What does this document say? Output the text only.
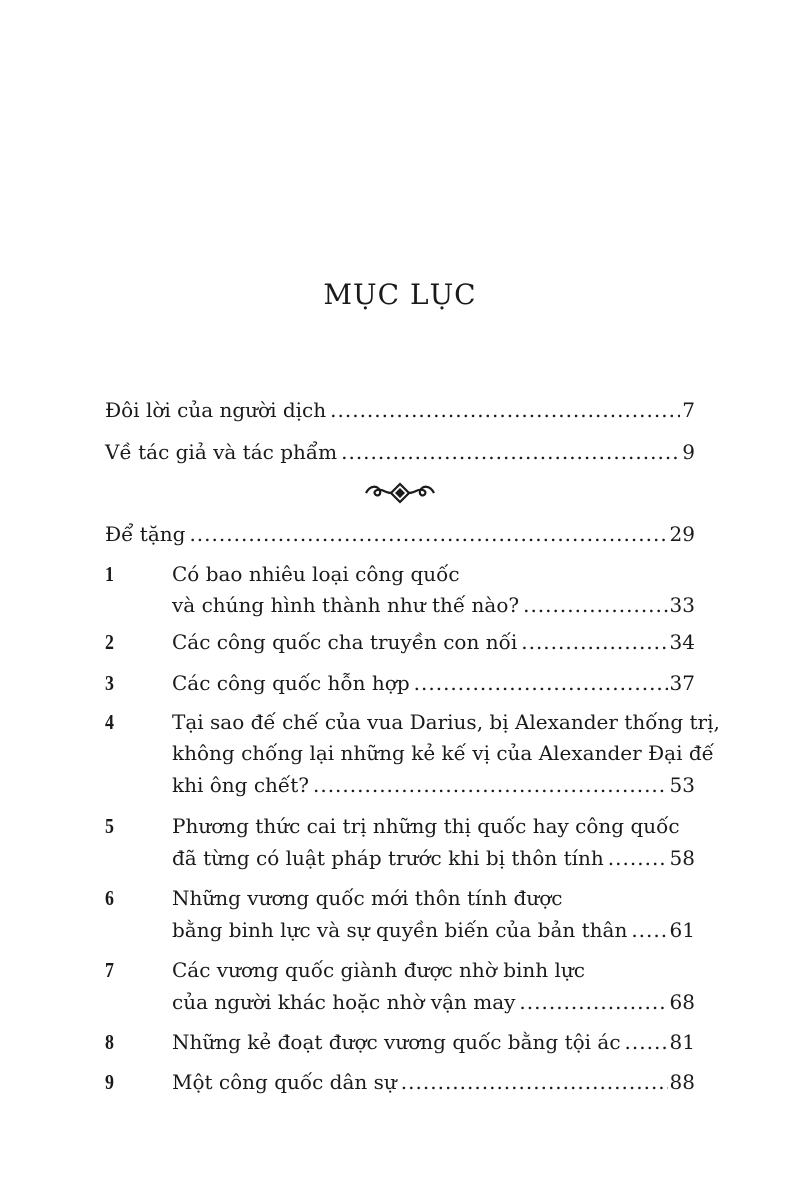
MỤC LỤC
Đôi lời của người dịch .....	7
Về tác giả và tác phẩm .....	9
Để tặng .....	29
1	Có bao nhiêu loại công quốc
và chúng hình thành như thế nào? .....	33
2	Các công quốc cha truyền con nối .....	34
3	Các công quốc hỗn hợp .....	37
4	Tại sao đế chế của vua Darius, bị Alexander thống trị,
không chống lại những kẻ kế vị của Alexander Đại đế
khi ông chết? .....	53
5	Phương thức cai trị những thị quốc hay công quốc
đã từng có luật pháp trước khi bị thôn tính .....	58
6	Những vương quốc mới thôn tính được
bằng binh lực và sự quyền biến của bản thân ..... 61
7	Các vương quốc giành được nhờ binh lực
của người khác hoặc nhờ vận may .....	68
8	Những kẻ đoạt được vương quốc bằng tội ác ..... 81
9	Một công quốc dân sự .....	88
